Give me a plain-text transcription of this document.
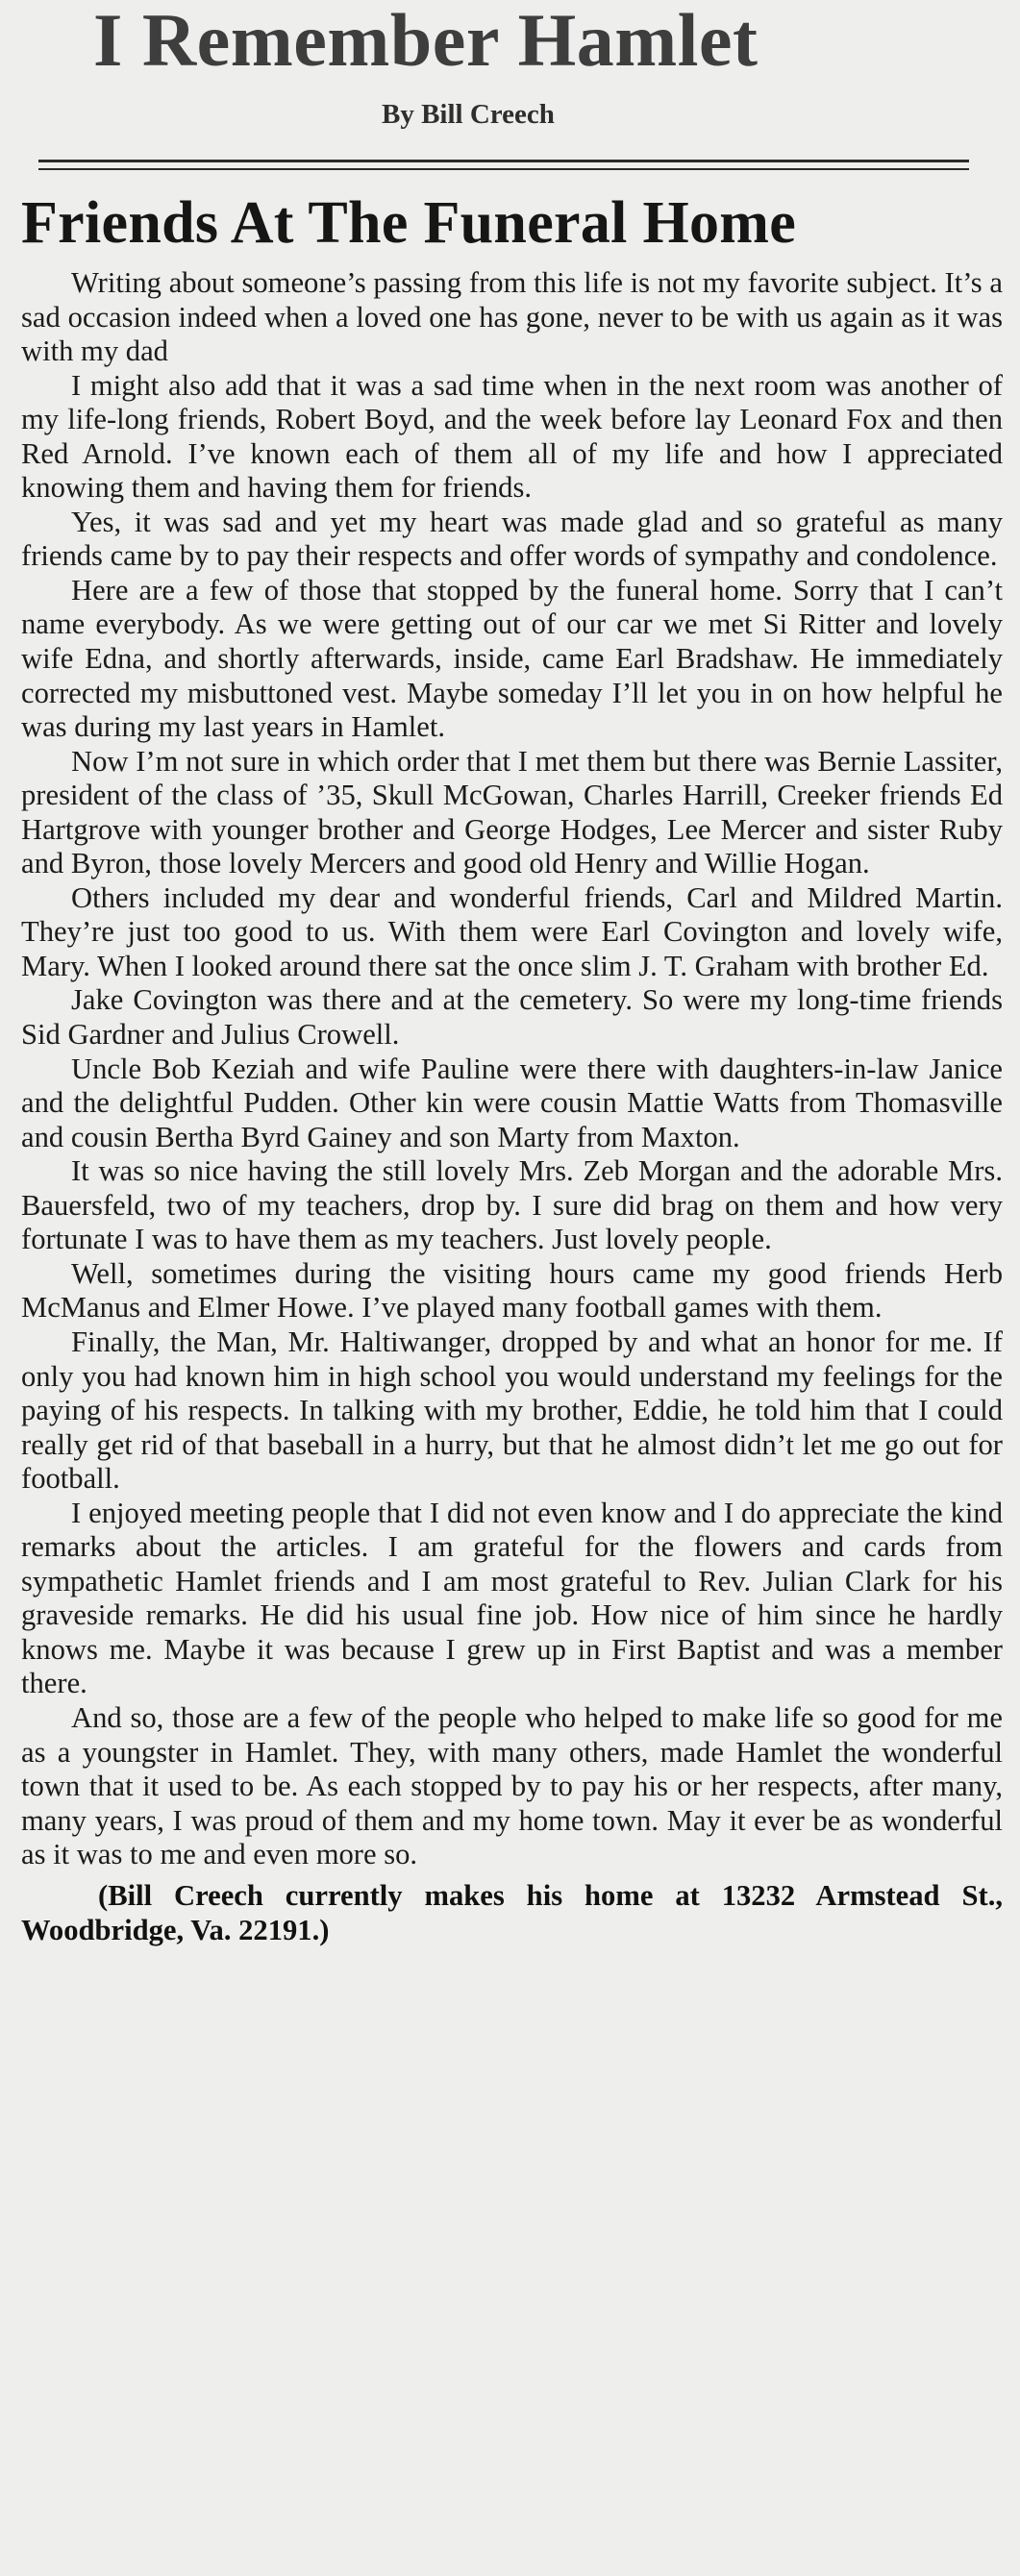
I Remember Hamlet
By Bill Creech
Friends At The Funeral Home

Writing about someone’s passing from this life is not my favorite subject. It’s a sad occasion indeed when a loved one has gone, never to be with us again as it was with my dad

I might also add that it was a sad time when in the next room was another of my life-long friends, Robert Boyd, and the week before lay Leonard Fox and then Red Arnold. I’ve known each of them all of my life and how I appreciated knowing them and having them for friends.

Yes, it was sad and yet my heart was made glad and so grateful as many friends came by to pay their respects and offer words of sympathy and condolence.

Here are a few of those that stopped by the funeral home. Sorry that I can’t name everybody. As we were getting out of our car we met Si Ritter and lovely wife Edna, and shortly afterwards, inside, came Earl Bradshaw. He immediately corrected my misbuttoned vest. Maybe someday I’ll let you in on how helpful he was during my last years in Hamlet.

Now I’m not sure in which order that I met them but there was Bernie Lassiter, president of the class of ’35, Skull McGowan, Charles Harrill, Creeker friends Ed Hartgrove with younger brother and George Hodges, Lee Mercer and sister Ruby and Byron, those lovely Mercers and good old Henry and Willie Hogan.

Others included my dear and wonderful friends, Carl and Mildred Martin. They’re just too good to us. With them were Earl Covington and lovely wife, Mary. When I looked around there sat the once slim J. T. Graham with brother Ed.

Jake Covington was there and at the cemetery. So were my long-time friends Sid Gardner and Julius Crowell.

Uncle Bob Keziah and wife Pauline were there with daughters-in-law Janice and the delightful Pudden. Other kin were cousin Mattie Watts from Thomasville and cousin Bertha Byrd Gainey and son Marty from Maxton.

It was so nice having the still lovely Mrs. Zeb Morgan and the adorable Mrs. Bauersfeld, two of my teachers, drop by. I sure did brag on them and how very fortunate I was to have them as my teachers. Just lovely people.

Well, sometimes during the visiting hours came my good friends Herb McManus and Elmer Howe. I’ve played many football games with them.

Finally, the Man, Mr. Haltiwanger, dropped by and what an honor for me. If only you had known him in high school you would understand my feelings for the paying of his respects. In talking with my brother, Eddie, he told him that I could really get rid of that baseball in a hurry, but that he almost didn’t let me go out for football.

I enjoyed meeting people that I did not even know and I do appreciate the kind remarks about the articles. I am grateful for the flowers and cards from sympathetic Hamlet friends and I am most grateful to Rev. Julian Clark for his graveside remarks. He did his usual fine job. How nice of him since he hardly knows me. Maybe it was because I grew up in First Baptist and was a member there.

And so, those are a few of the people who helped to make life so good for me as a youngster in Hamlet. They, with many others, made Hamlet the wonderful town that it used to be. As each stopped by to pay his or her respects, after many, many years, I was proud of them and my home town. May it ever be as wonderful as it was to me and even more so.

(Bill Creech currently makes his home at 13232 Armstead St., Woodbridge, Va. 22191.)
